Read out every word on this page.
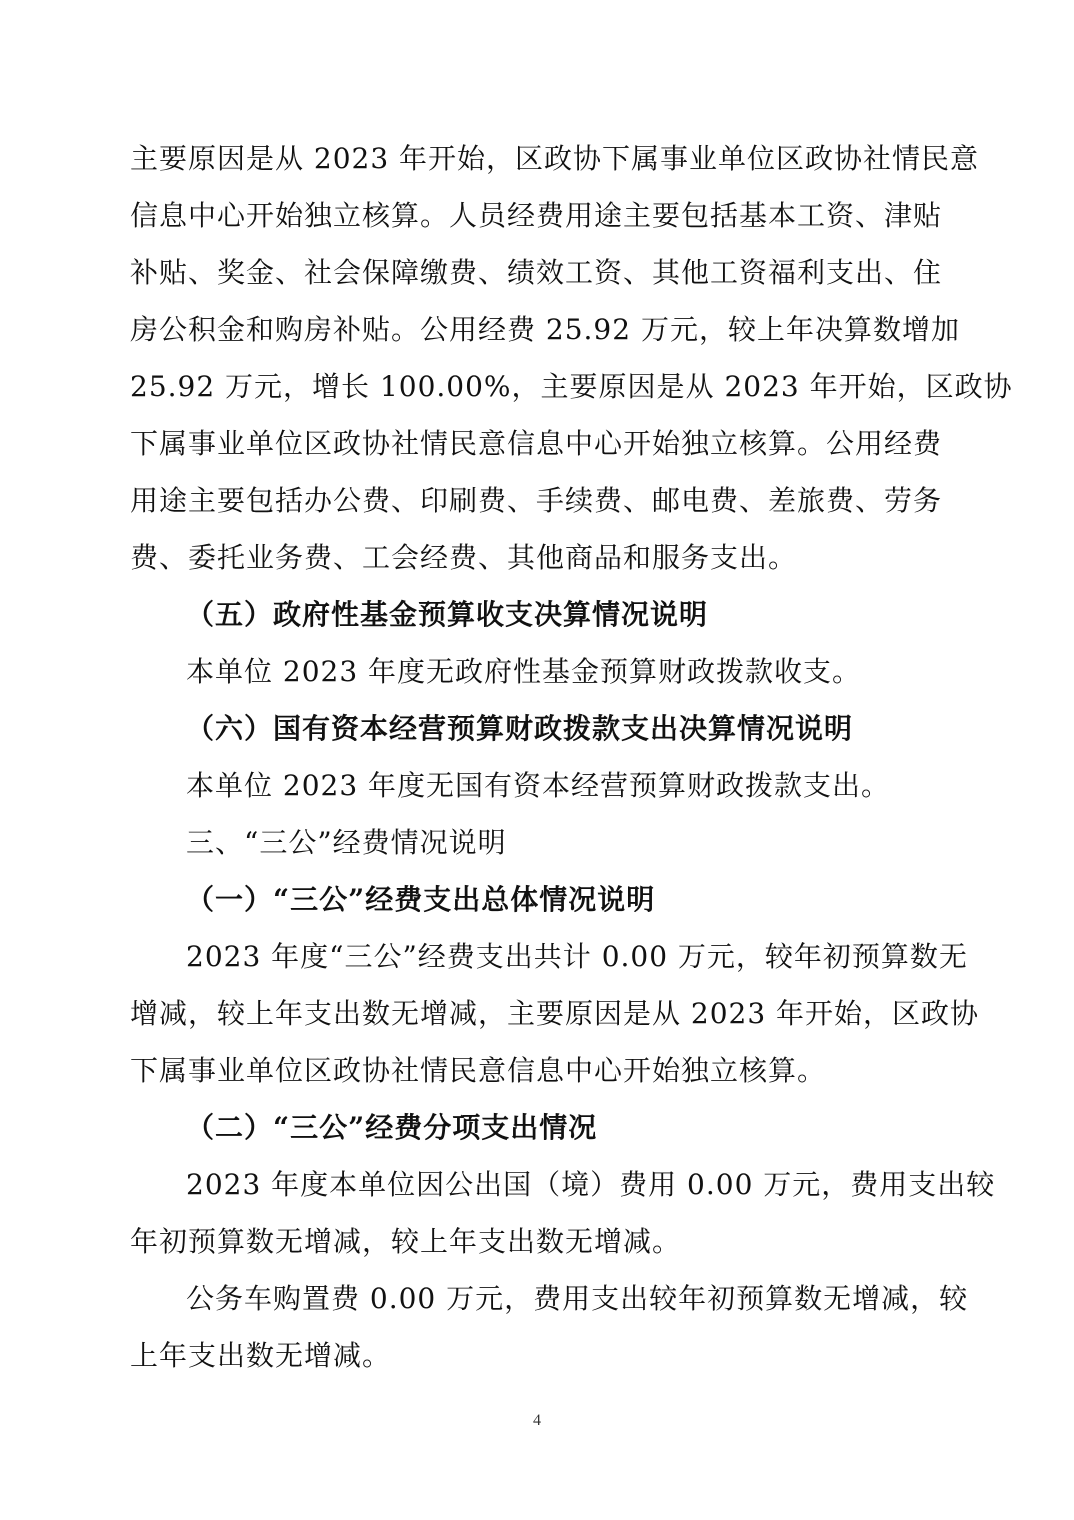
主要原因是从 2023 年开始，区政协下属事业单位区政协社情民意
信息中心开始独立核算。人员经费用途主要包括基本工资、津贴
补贴、奖金、社会保障缴费、绩效工资、其他工资福利支出、住
房公积金和购房补贴。公用经费 25.92 万元，较上年决算数增加
25.92 万元，增长 100.00%，主要原因是从 2023 年开始，区政协
下属事业单位区政协社情民意信息中心开始独立核算。公用经费
用途主要包括办公费、印刷费、手续费、邮电费、差旅费、劳务
费、委托业务费、工会经费、其他商品和服务支出。
（五）政府性基金预算收支决算情况说明
本单位 2023 年度无政府性基金预算财政拨款收支。
（六）国有资本经营预算财政拨款支出决算情况说明
本单位 2023 年度无国有资本经营预算财政拨款支出。
三、“三公”经费情况说明
（一）“三公”经费支出总体情况说明
2023 年度“三公”经费支出共计 0.00 万元，较年初预算数无
增减，较上年支出数无增减，主要原因是从 2023 年开始，区政协
下属事业单位区政协社情民意信息中心开始独立核算。
（二）“三公”经费分项支出情况
2023 年度本单位因公出国（境）费用 0.00 万元，费用支出较
年初预算数无增减，较上年支出数无增减。
公务车购置费 0.00 万元，费用支出较年初预算数无增减，较
上年支出数无增减。
4
